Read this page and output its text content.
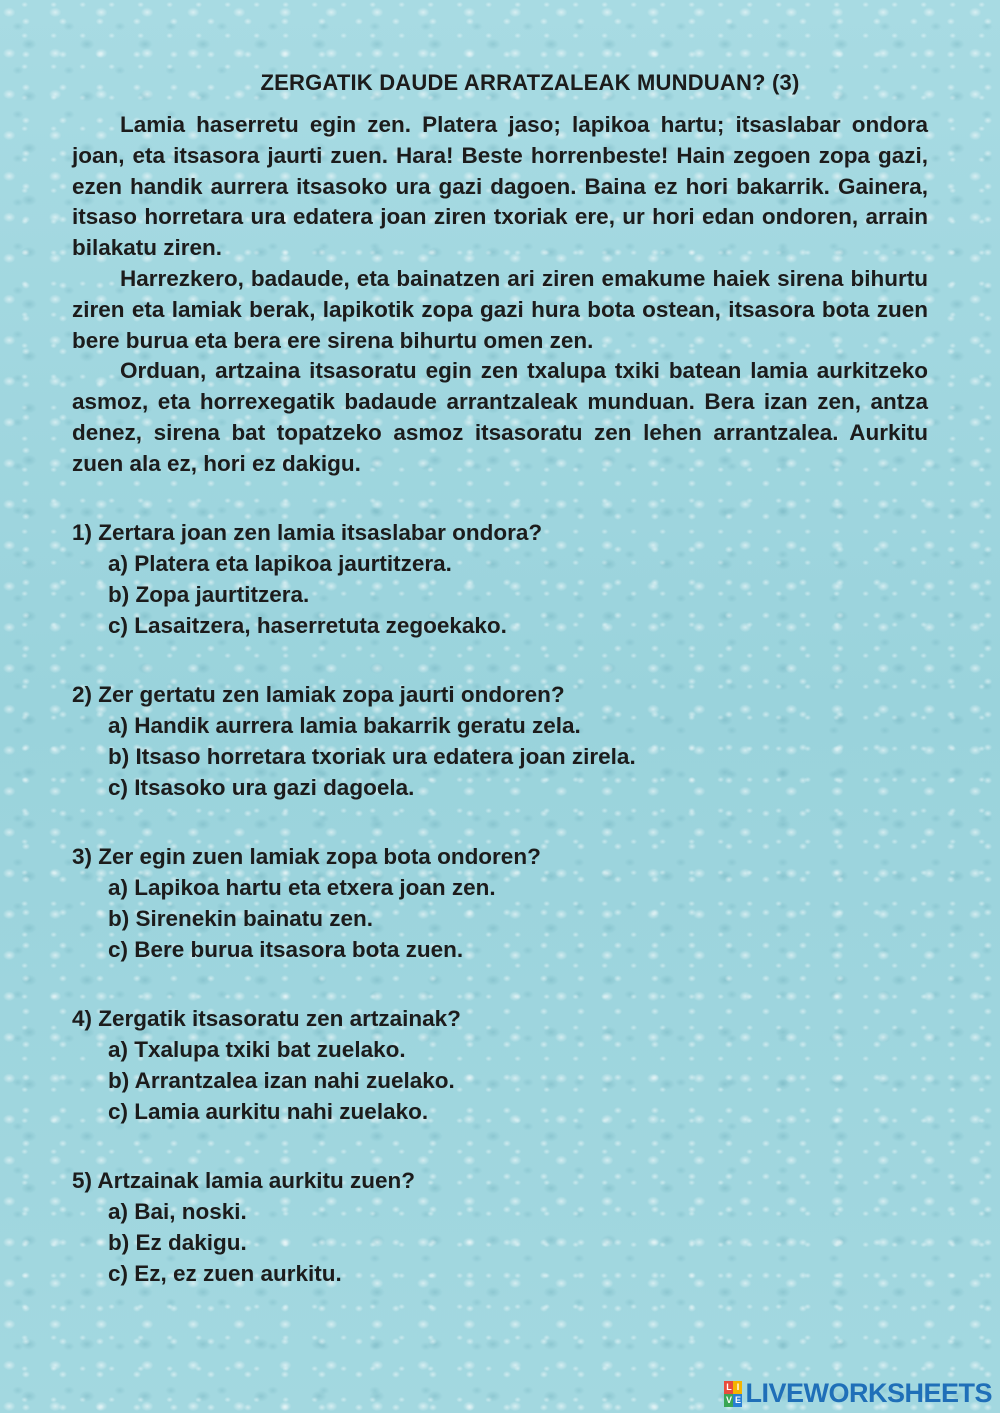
ZERGATIK DAUDE ARRATZALEAK MUNDUAN? (3)

Lamia haserretu egin zen. Platera jaso; lapikoa hartu; itsaslabar ondora joan, eta itsasora jaurti zuen. Hara! Beste horrenbeste! Hain zegoen zopa gazi, ezen handik aurrera itsasoko ura gazi dagoen. Baina ez hori bakarrik. Gainera, itsaso horretara ura edatera joan ziren txoriak ere, ur hori edan ondoren, arrain bilakatu ziren.

Harrezkero, badaude, eta bainatzen ari ziren emakume haiek sirena bihurtu ziren eta lamiak berak, lapikotik zopa gazi hura bota ostean, itsasora bota zuen bere burua eta bera ere sirena bihurtu omen zen.

Orduan, artzaina itsasoratu egin zen txalupa txiki batean lamia aurkitzeko asmoz, eta horrexegatik badaude arrantzaleak munduan. Bera izan zen, antza denez, sirena bat topatzeko asmoz itsasoratu zen lehen arrantzalea. Aurkitu zuen ala ez, hori ez dakigu.

1) Zertara joan zen lamia itsaslabar ondora?

a) Platera eta lapikoa jaurtitzera.

b) Zopa jaurtitzera.

c) Lasaitzera, haserretuta zegoekako.

2) Zer gertatu zen lamiak zopa jaurti ondoren?

a) Handik aurrera lamia bakarrik geratu zela.

b) Itsaso horretara txoriak ura edatera joan zirela.

c) Itsasoko ura gazi dagoela.

3) Zer egin zuen lamiak zopa bota ondoren?

a) Lapikoa hartu eta etxera joan zen.

b) Sirenekin bainatu zen.

c) Bere burua itsasora bota zuen.

4) Zergatik itsasoratu zen artzainak?

a) Txalupa txiki bat zuelako.

b) Arrantzalea izan nahi zuelako.

c) Lamia aurkitu nahi zuelako.

5) Artzainak lamia aurkitu zuen?

a) Bai, noski.

b) Ez dakigu.

c) Ez, ez zuen aurkitu.

L I
V E LIVEWORKSHEETS
